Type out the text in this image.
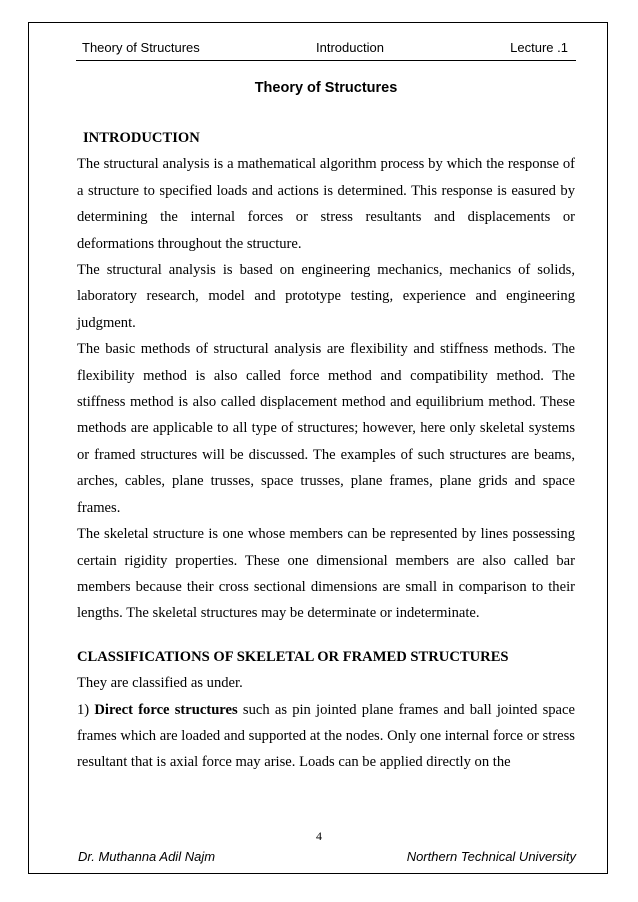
Theory of Structures	Introduction	Lecture .1
Theory of Structures

INTRODUCTION

The structural analysis is a mathematical algorithm process by which the response of a structure to specified loads and actions is determined. This response is easured by determining the internal forces or stress resultants and displacements or deformations throughout the structure.

The structural analysis is based on engineering mechanics, mechanics of solids, laboratory research, model and prototype testing, experience and engineering judgment.

The basic methods of structural analysis are flexibility and stiffness methods. The flexibility method is also called force method and compatibility method. The stiffness method is also called displacement method and equilibrium method. These methods are applicable to all type of structures; however, here only skeletal systems or framed structures will be discussed. The examples of such structures are beams, arches, cables, plane trusses, space trusses, plane frames, plane grids and space frames.

The skeletal structure is one whose members can be represented by lines possessing certain rigidity properties. These one dimensional members are also called bar members because their cross sectional dimensions are small in comparison to their lengths. The skeletal structures may be determinate or indeterminate.

CLASSIFICATIONS OF SKELETAL OR FRAMED STRUCTURES

They are classified as under.

1) Direct force structures such as pin jointed plane frames and ball jointed space frames which are loaded and supported at the nodes. Only one internal force or stress resultant that is axial force may arise. Loads can be applied directly on the

4
Dr. Muthanna Adil Najm	Northern Technical University
